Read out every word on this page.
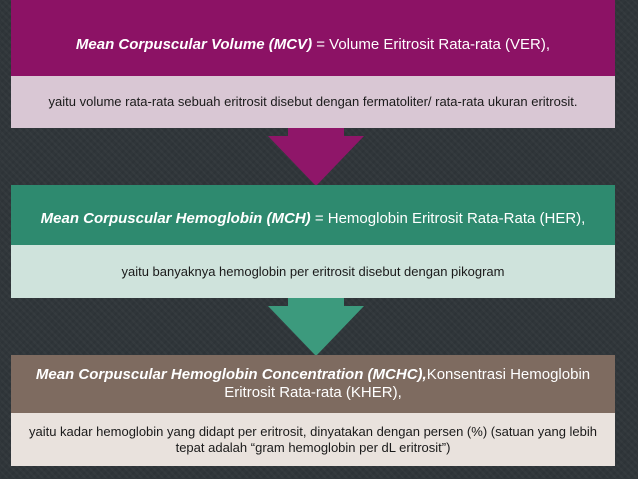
Mean Corpuscular Volume (MCV) = Volume Eritrosit Rata-rata (VER),
yaitu volume rata-rata sebuah eritrosit disebut dengan fermatoliter/ rata-rata ukuran eritrosit.
Mean Corpuscular Hemoglobin (MCH) = Hemoglobin Eritrosit Rata-Rata (HER),
yaitu banyaknya hemoglobin per eritrosit disebut dengan pikogram
Mean Corpuscular Hemoglobin Concentration (MCHC),Konsentrasi Hemoglobin Eritrosit Rata-rata (KHER),
yaitu kadar hemoglobin yang didapt per eritrosit, dinyatakan dengan persen (%) (satuan yang lebih tepat adalah “gram hemoglobin per dL eritrosit”)
